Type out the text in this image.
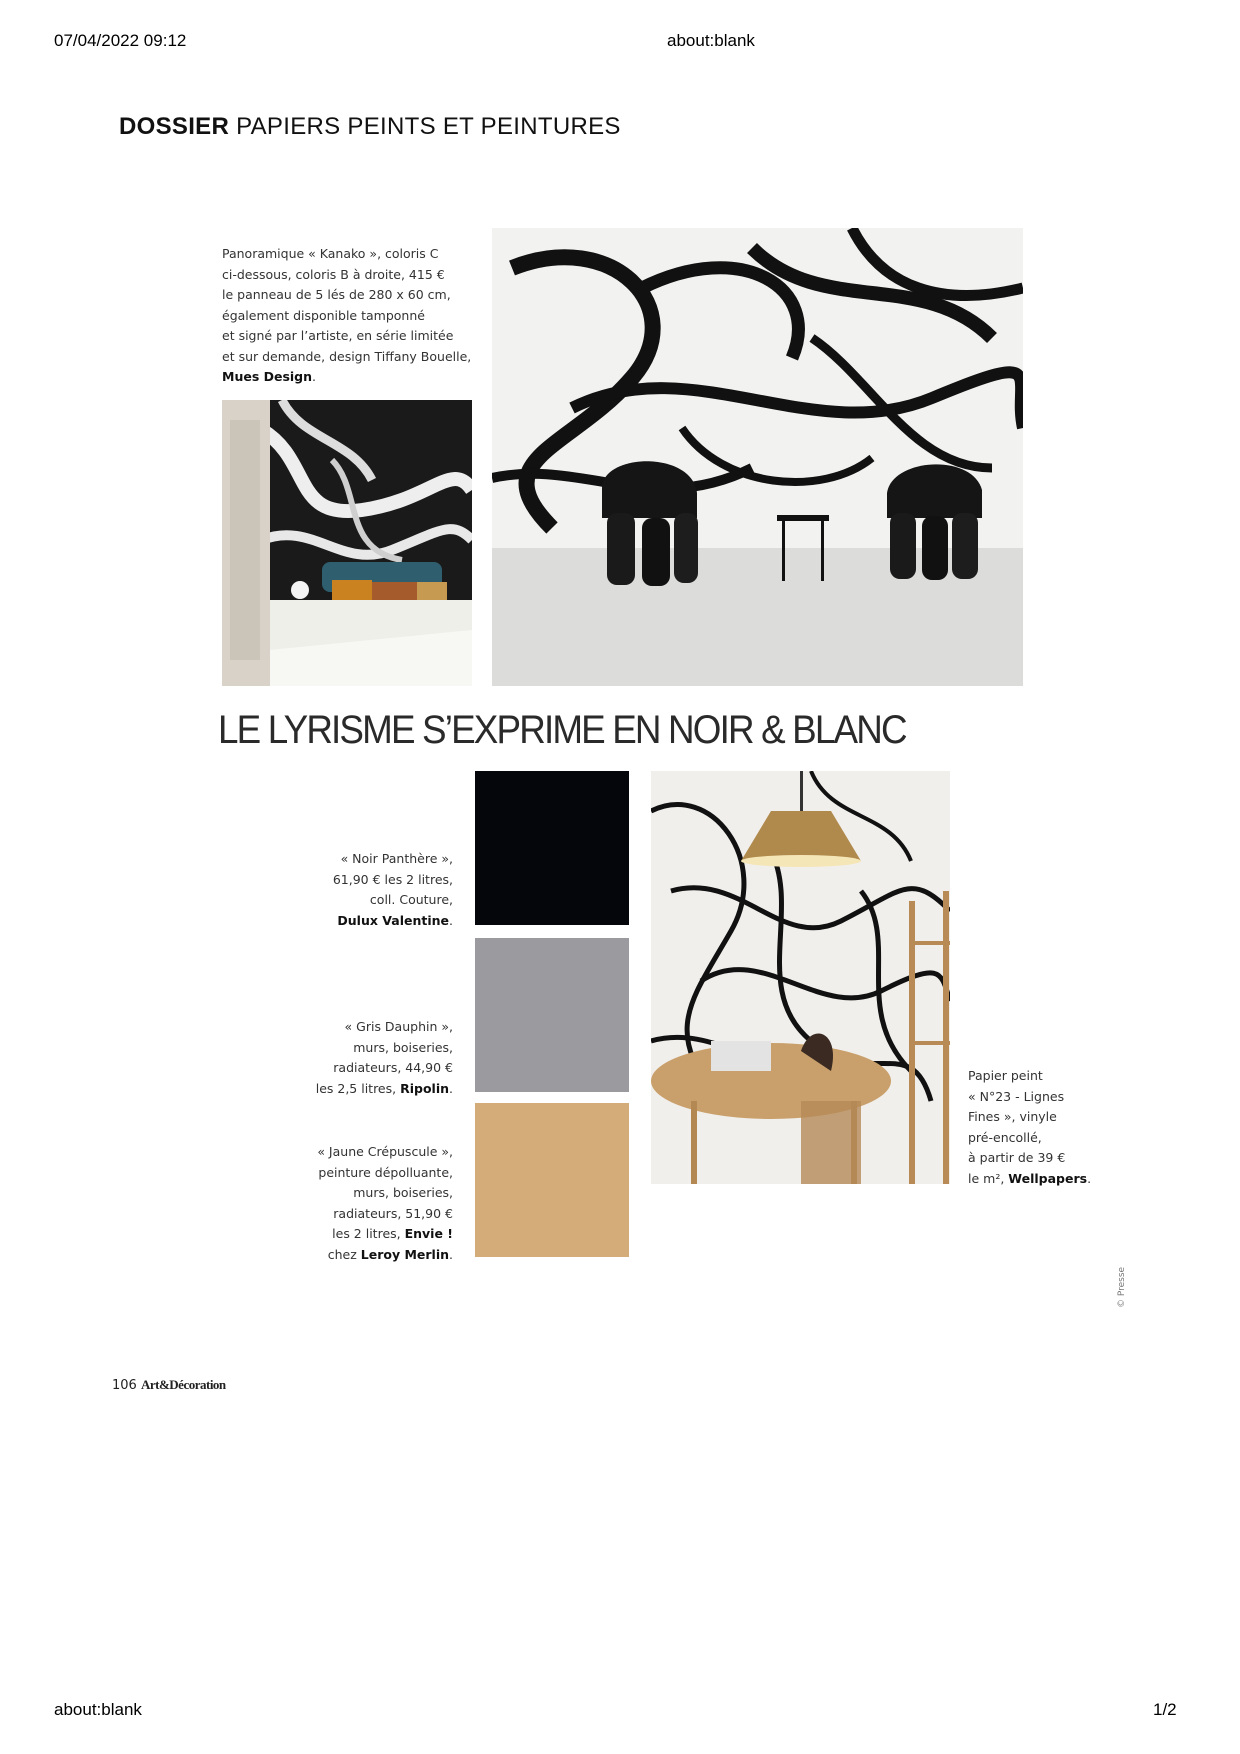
07/04/2022 09:12	about:blank
about:blank	1/2
DOSSIER PAPIERS PEINTS ET PEINTURES
Panoramique « Kanako », coloris C
ci-dessous, coloris B à droite, 415 €
le panneau de 5 lés de 280 x 60 cm,
également disponible tamponné
et signé par l’artiste, en série limitée
et sur demande, design Tiffany Bouelle,
Mues Design.
LE LYRISME S’EXPRIME EN NOIR & BLANC
« Noir Panthère »,
61,90 € les 2 litres,
coll. Couture,
Dulux Valentine.
« Gris Dauphin »,
murs, boiseries,
radiateurs, 44,90 €
les 2,5 litres, Ripolin.
« Jaune Crépuscule »,
peinture dépolluante,
murs, boiseries,
radiateurs, 51,90 €
les 2 litres, Envie !
chez Leroy Merlin.
Papier peint
« N°23 - Lignes
Fines », vinyle
pré-encollé,
à partir de 39 €
le m², Wellpapers.
© Presse
106 Art&Décoration
